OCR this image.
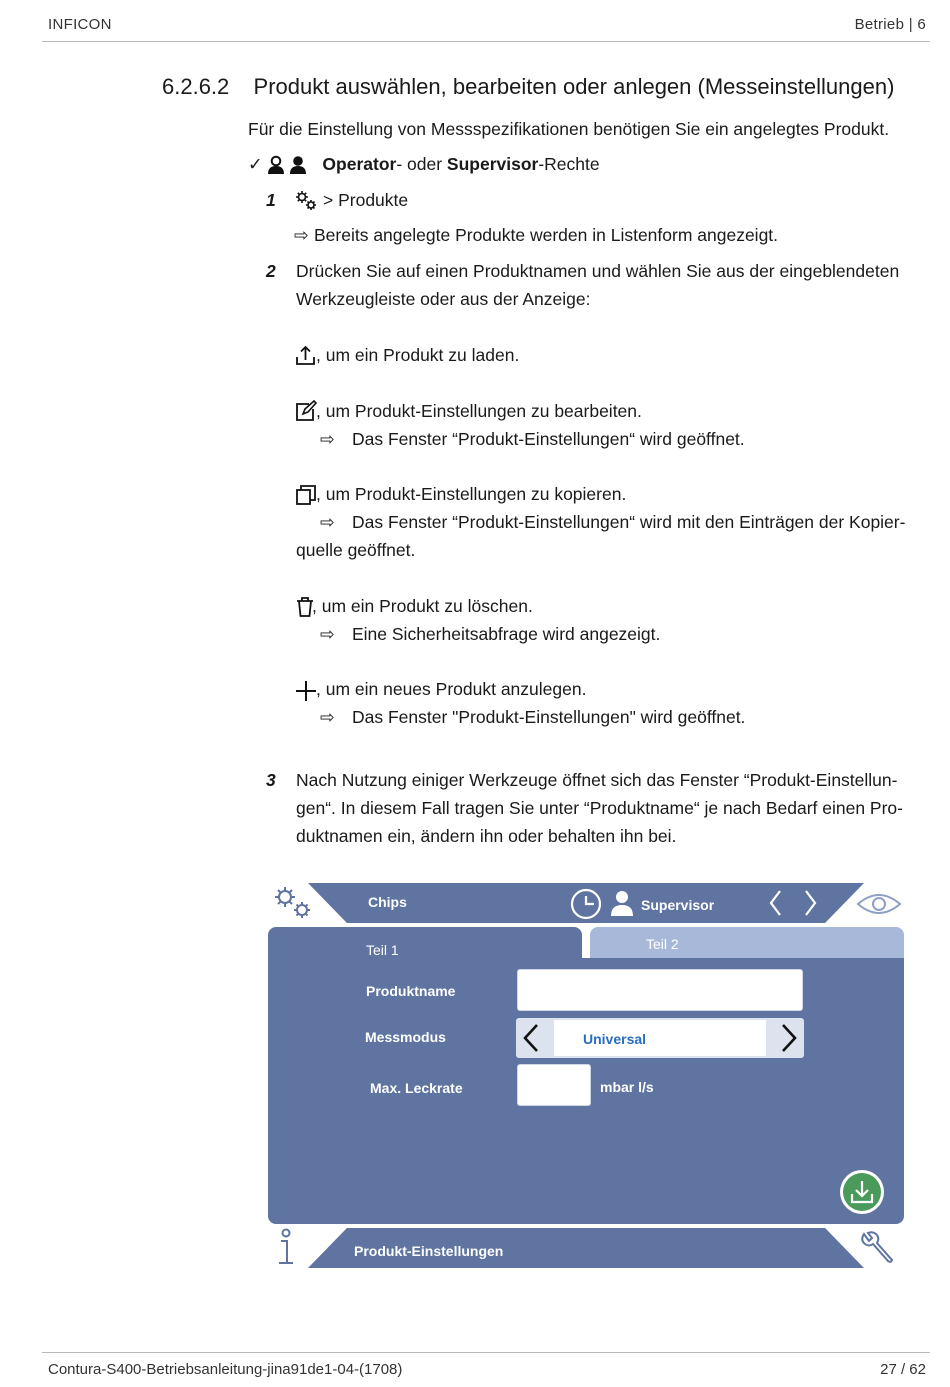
INFICON	Betrieb | 6
6.2.6.2 Produkt auswählen, bearbeiten oder anlegen (Messeinstellungen)
Für die Einstellung von Messspezifikationen benötigen Sie ein angelegtes Produkt.
✓	Operator- oder Supervisor-Rechte
1	> Produkte
⇨ Bereits angelegte Produkte werden in Listenform angezeigt.
2 Drücken Sie auf einen Produktnamen und wählen Sie aus der eingeblendeten
Werkzeugleiste oder aus der Anzeige:
, um ein Produkt zu laden.
, um Produkt-Einstellungen zu bearbeiten.
⇨ Das Fenster “Produkt-Einstellungen“ wird geöffnet.
, um Produkt-Einstellungen zu kopieren.
⇨ Das Fenster “Produkt-Einstellungen“ wird mit den Einträgen der Kopier-
quelle geöffnet.
, um ein Produkt zu löschen.
⇨ Eine Sicherheitsabfrage wird angezeigt.
, um ein neues Produkt anzulegen.
⇨ Das Fenster "Produkt-Einstellungen" wird geöffnet.
3 Nach Nutzung einiger Werkzeuge öffnet sich das Fenster “Produkt-Einstellun-
gen“. In diesem Fall tragen Sie unter “Produktname“ je nach Bedarf einen Pro-
duktnamen ein, ändern ihn oder behalten ihn bei.
Chips	Supervisor
Teil 2
Teil 1
Produktname
Messmodus	Universal
Max. Leckrate	mbar l/s
Produkt-Einstellungen
Contura-S400-Betriebsanleitung-jina91de1-04-(1708)	27 / 62
